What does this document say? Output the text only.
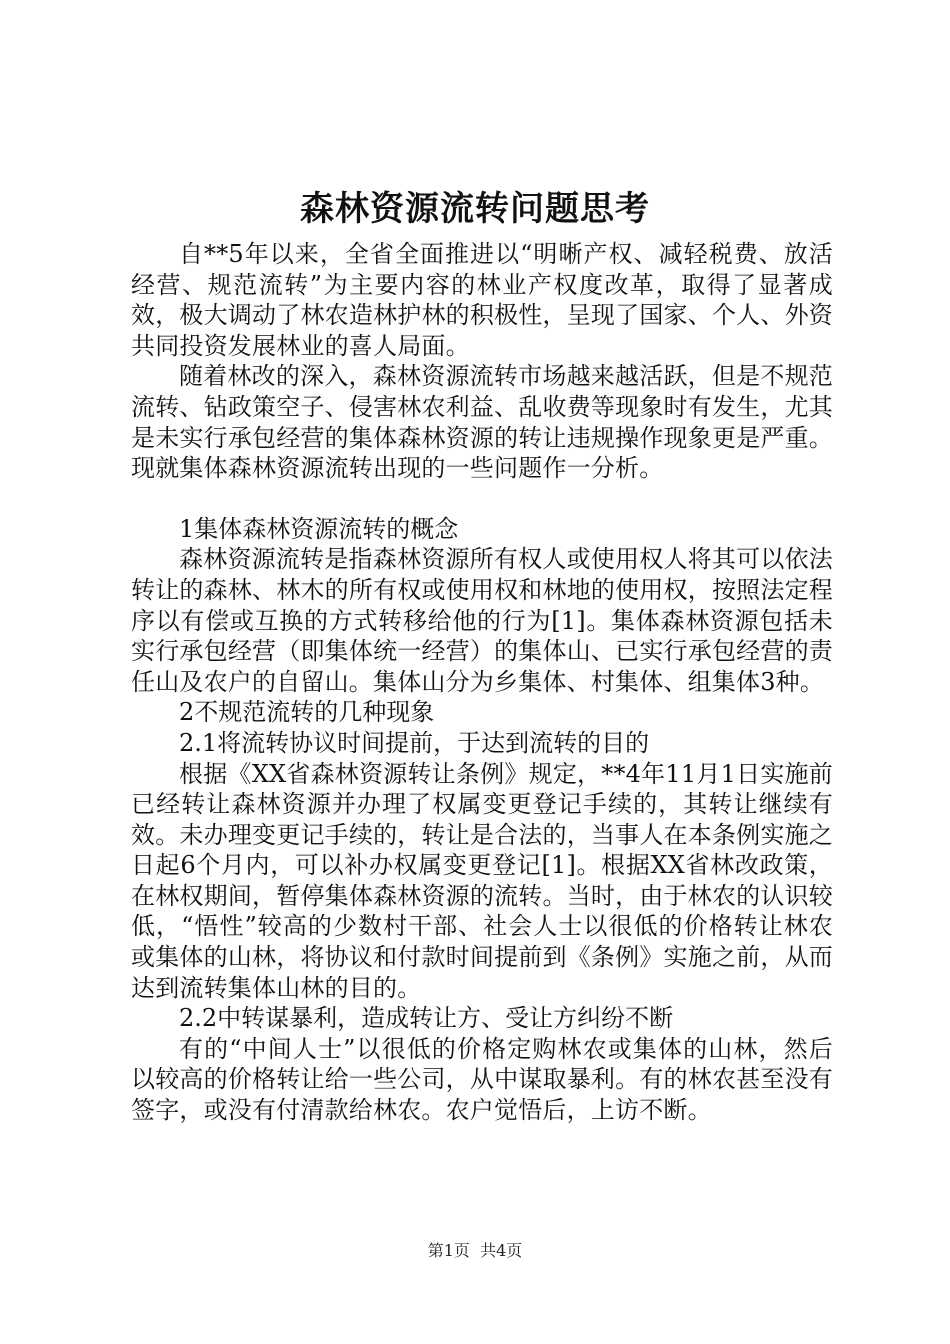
森林资源流转问题思考

自**5年以来，全省全面推进以“明晰产权、减轻税费、放活经营、规范流转”为主要内容的林业产权度改革，取得了显著成效，极大调动了林农造林护林的积极性，呈现了国家、个人、外资共同投资发展林业的喜人局面。

随着林改的深入，森林资源流转市场越来越活跃，但是不规范流转、钻政策空子、侵害林农利益、乱收费等现象时有发生，尤其是未实行承包经营的集体森林资源的转让违规操作现象更是严重。现就集体森林资源流转出现的一些问题作一分析。

1集体森林资源流转的概念

森林资源流转是指森林资源所有权人或使用权人将其可以依法转让的森林、林木的所有权或使用权和林地的使用权，按照法定程序以有偿或互换的方式转移给他的行为[1]。集体森林资源包括未实行承包经营（即集体统一经营）的集体山、已实行承包经营的责任山及农户的自留山。集体山分为乡集体、村集体、组集体3种。

2不规范流转的几种现象

2.1将流转协议时间提前，于达到流转的目的

根据《XX省森林资源转让条例》规定，**4年11月1日实施前已经转让森林资源并办理了权属变更登记手续的，其转让继续有效。未办理变更记手续的，转让是合法的，当事人在本条例实施之日起6个月内，可以补办权属变更登记[1]。根据XX省林改政策，在林权期间，暂停集体森林资源的流转。当时，由于林农的认识较低，“悟性”较高的少数村干部、社会人士以很低的价格转让林农或集体的山林，将协议和付款时间提前到《条例》实施之前，从而达到流转集体山林的目的。

2.2中转谋暴利，造成转让方、受让方纠纷不断

有的“中间人士”以很低的价格定购林农或集体的山林，然后以较高的价格转让给一些公司，从中谋取暴利。有的林农甚至没有签字，或没有付清款给林农。农户觉悟后，上访不断。

第1页 共4页
